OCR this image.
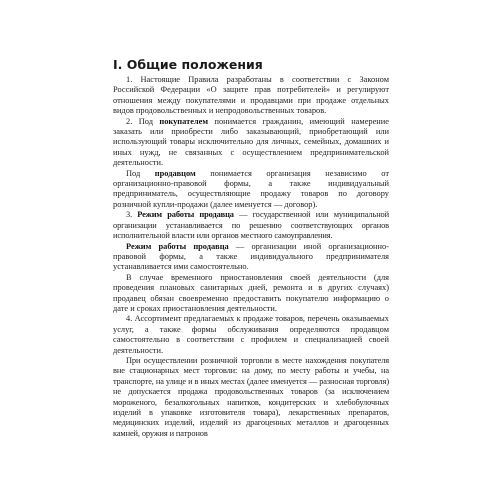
I. Общие положения

1. Настоящие Правила разработаны в соответствии с Законом Российской Федерации «О защите прав потребителей» и регулируют отношения между покупателями и продавцами при продаже отдельных видов продовольственных и непродовольственных товаров.

2. Под покупателем понимается гражданин, имеющий намерение заказать или приобрести либо заказывающий, приобретающий или использующий товары исключительно для личных, семейных, домашних и иных нужд, не связанных с осуществлением предпринимательской деятельности.

Под продавцом понимается организация независимо от организационно-правовой формы, а также индивидуальный предприниматель, осуществляющие продажу товаров по договору розничной купли-продажи (далее именуется — договор).

3. Режим работы продавца — государственной или муниципальной организации устанавливается по решению соответствующих органов исполнительной власти или органов местного самоуправления.

Режим работы продавца — организации иной организационно-правовой формы, а также индивидуального предпринимателя устанавливается ими самостоятельно.

В случае временного приостановления своей деятельности (для проведения плановых санитарных дней, ремонта и в других случаях) продавец обязан своевременно предоставить покупателю информацию о дате и сроках приостановления деятельности.

4. Ассортимент предлагаемых к продаже товаров, перечень оказываемых услуг, а также формы обслуживания определяются продавцом самостоятельно в соответствии с профилем и специализацией своей деятельности.

При осуществлении розничной торговли в месте нахождения покупателя вне стационарных мест торговли: на дому, по месту работы и учебы, на транспорте, на улице и в иных местах (далее именуется — разносная торговля) не допускается продажа продовольственных товаров (за исключением мороженого, безалкогольных напитков, кондитерских и хлебобулочных изделий в упаковке изготовителя товара), лекарственных препаратов, медицинских изделий, изделий из драгоценных металлов и драгоценных камней, оружия и патронов
